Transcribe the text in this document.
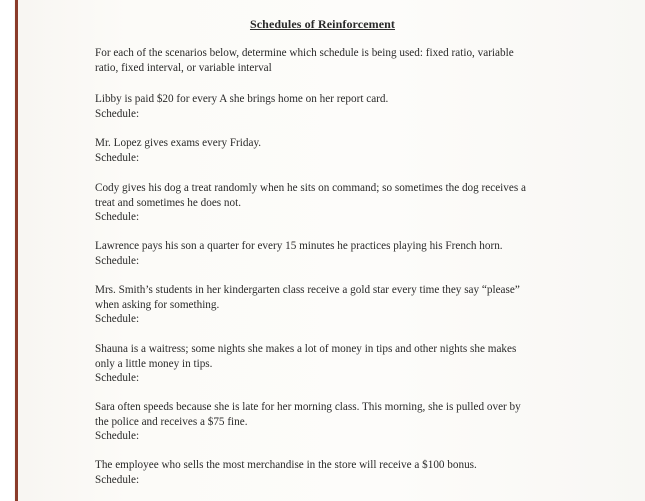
Schedules of Reinforcement

For each of the scenarios below, determine which schedule is being used: fixed ratio, variable

ratio, fixed interval, or variable interval

Libby is paid $20 for every A she brings home on her report card.

Schedule:

Mr. Lopez gives exams every Friday.

Schedule:

Cody gives his dog a treat randomly when he sits on command; so sometimes the dog receives a

treat and sometimes he does not.

Schedule:

Lawrence pays his son a quarter for every 15 minutes he practices playing his French horn.

Schedule:

Mrs. Smith’s students in her kindergarten class receive a gold star every time they say “please”

when asking for something.

Schedule:

Shauna is a waitress; some nights she makes a lot of money in tips and other nights she makes

only a little money in tips.

Schedule:

Sara often speeds because she is late for her morning class. This morning, she is pulled over by

the police and receives a $75 fine.

Schedule:

The employee who sells the most merchandise in the store will receive a $100 bonus.

Schedule:
